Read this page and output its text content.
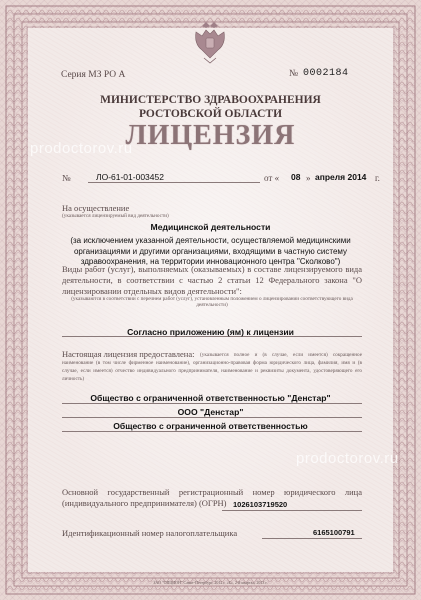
Серия МЗ РО А	№ 0002184
МИНИСТЕРСТВО ЗДРАВООХРАНЕНИЯ
РОСТОВСКОЙ ОБЛАСТИ
ЛИЦЕНЗИЯ
prodoctorov.ru
№	ЛО-61-01-003452	от « 08 » апреля 2014 г.
На осуществление
(указывается лицензируемый вид деятельности)
Медицинской деятельности
(за исключением указанной деятельности, осуществляемой медицинскими организациями и другими организациями, входящими в частную систему здравоохранения, на территории инновационного центра "Сколково")
Виды работ (услуг), выполняемых (оказываемых) в составе лицензируемого вида деятельности, в соответствии с частью 2 статьи 12 Федерального закона "О лицензировании отдельных видов деятельности":
(указываются в соответствии с перечнем работ (услуг), установленным положением о лицензировании соответствующего вида деятельности)
Согласно приложению (ям) к лицензии
Настоящая лицензия предоставлена:	(указывается полное и (в случае, если имеется) сокращенное наименование (в том числе фирменное наименование), организационно-правовая форма юридического лица, фамилия, имя и (в случае, если имеется) отчество индивидуального предпринимателя, наименование и реквизиты документа, удостоверяющего его личность)
Общество с ограниченной ответственностью "Денстар"
ООО "Денстар"
Общество с ограниченной ответственностью
prodoctorov.ru
Основной государственный регистрационный номер юридического лица (индивидуального предпринимателя) (ОГРН) 1026103719520
Идентификационный номер налогоплательщика	6165100791
ЗАО "ОПЦИОН" Санкт-Петербург, 2012 г. «Б», 2-й квартал, 2013 г.
